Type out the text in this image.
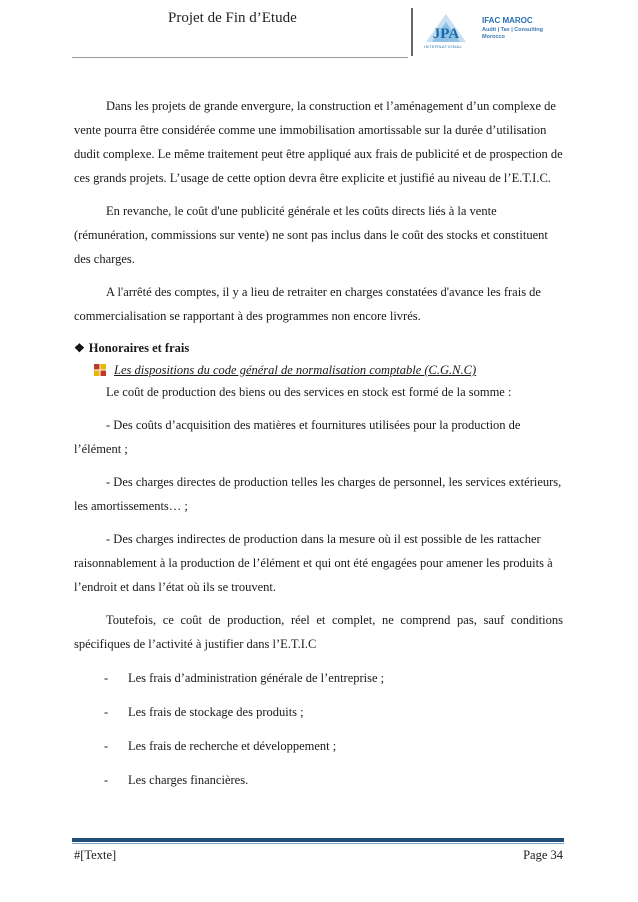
Projet de Fin d’Etude
JPA
INTERNATIONAL
IFAC MAROC
Audit | Tax | Consulting
Morocco

Dans les projets de grande envergure, la construction et l’aménagement d’un complexe de vente pourra être considérée comme une immobilisation amortissable sur la durée d’utilisation dudit complexe. Le même traitement peut être appliqué aux frais de publicité et de prospection de ces grands projets. L’usage de cette option devra être explicite et justifié au niveau de l’E.T.I.C.

En revanche, le coût d'une publicité générale et les coûts directs liés à la vente (rémunération, commissions sur vente) ne sont pas inclus dans le coût des stocks et constituent des charges.

A l'arrêté des comptes, il y a lieu de retraiter en charges constatées d'avance les frais de commercialisation se rapportant à des programmes non encore livrés.

❖ Honoraires et frais

Les dispositions du code général de normalisation comptable (C.G.N.C)

Le coût de production des biens ou des services en stock est formé de la somme :

- Des coûts d’acquisition des matières et fournitures utilisées pour la production de l’élément ;

- Des charges directes de production telles les charges de personnel, les services extérieurs, les amortissements… ;

- Des charges indirectes de production dans la mesure où il est possible de les rattacher raisonnablement à la production de l’élément et qui ont été engagées pour amener les produits à l’endroit et dans l’état où ils se trouvent.

Toutefois, ce coût de production, réel et complet, ne comprend pas, sauf conditions spécifiques de l’activité à justifier dans l’E.T.I.C

-	Les frais d’administration générale de l’entreprise ;

-	Les frais de stockage des produits ;

-	Les frais de recherche et développement ;

-	Les charges financières.

#[Texte]	Page 34
